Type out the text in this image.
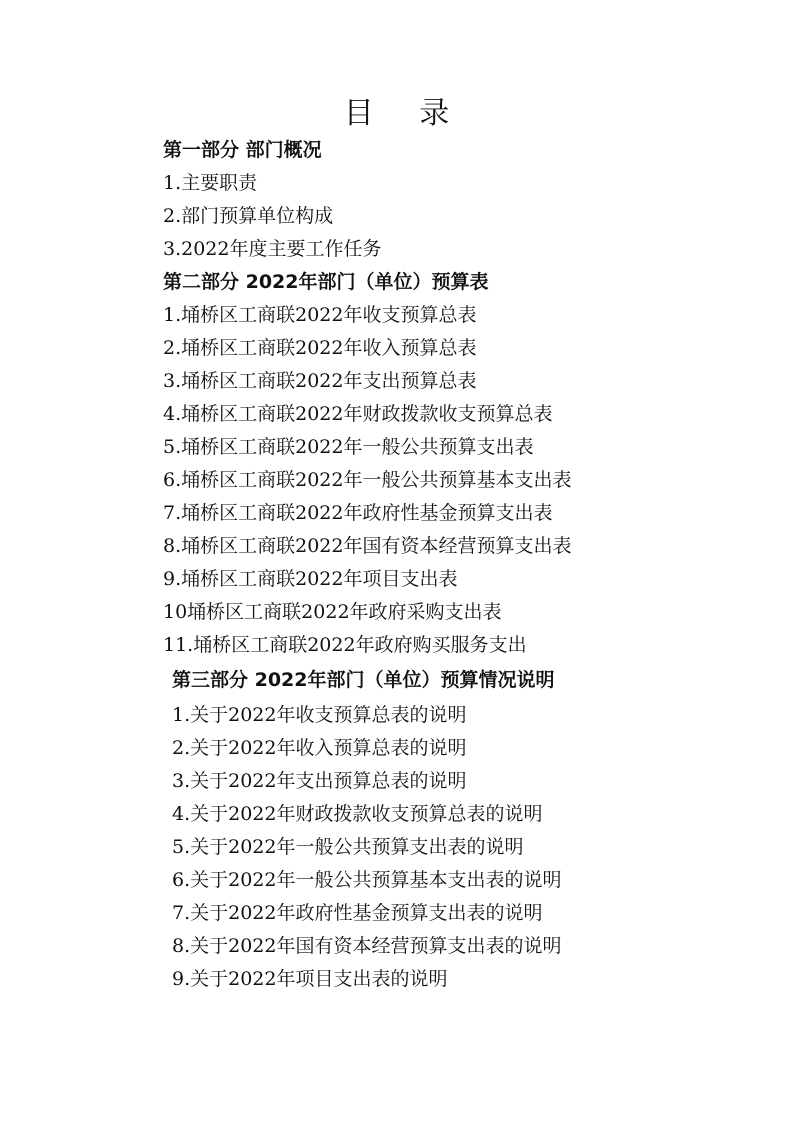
目 录
第一部分 部门概况
1.主要职责
2.部门预算单位构成
3.2022年度主要工作任务
第二部分 2022年部门（单位）预算表
1.埇桥区工商联2022年收支预算总表
2.埇桥区工商联2022年收入预算总表
3.埇桥区工商联2022年支出预算总表
4.埇桥区工商联2022年财政拨款收支预算总表
5.埇桥区工商联2022年一般公共预算支出表
6.埇桥区工商联2022年一般公共预算基本支出表
7.埇桥区工商联2022年政府性基金预算支出表
8.埇桥区工商联2022年国有资本经营预算支出表
9.埇桥区工商联2022年项目支出表
10埇桥区工商联2022年政府采购支出表
11.埇桥区工商联2022年政府购买服务支出
第三部分 2022年部门（单位）预算情况说明
1.关于2022年收支预算总表的说明
2.关于2022年收入预算总表的说明
3.关于2022年支出预算总表的说明
4.关于2022年财政拨款收支预算总表的说明
5.关于2022年一般公共预算支出表的说明
6.关于2022年一般公共预算基本支出表的说明
7.关于2022年政府性基金预算支出表的说明
8.关于2022年国有资本经营预算支出表的说明
9.关于2022年项目支出表的说明
